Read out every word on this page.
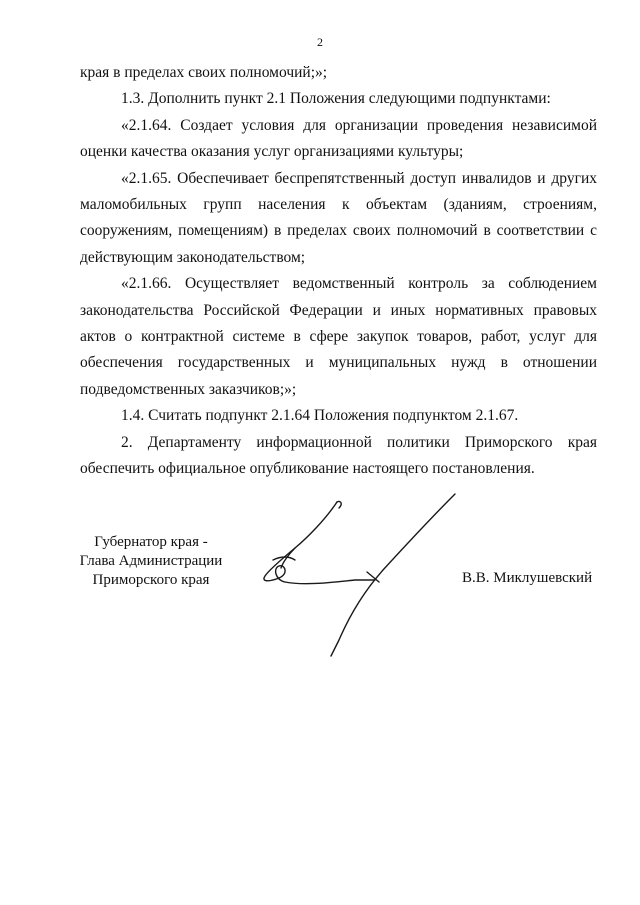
2

края в пределах своих полномочий;»;

1.3. Дополнить пункт 2.1 Положения следующими подпунктами:

«2.1.64. Создает условия для организации проведения независимой оценки качества оказания услуг организациями культуры;

«2.1.65. Обеспечивает беспрепятственный доступ инвалидов и других маломобильных групп населения к объектам (зданиям, строениям, сооружениям, помещениям) в пределах своих полномочий в соответствии с действующим законодательством;

«2.1.66. Осуществляет ведомственный контроль за соблюдением законодательства Российской Федерации и иных нормативных правовых актов о контрактной системе в сфере закупок товаров, работ, услуг для обеспечения государственных и муниципальных нужд в отношении подведомственных заказчиков;»;

1.4. Считать подпункт 2.1.64 Положения подпунктом 2.1.67.

2. Департаменту информационной политики Приморского края обеспечить официальное опубликование настоящего постановления.

Губернатор края -
Глава Администрации
Приморского края	В.В. Миклушевский
